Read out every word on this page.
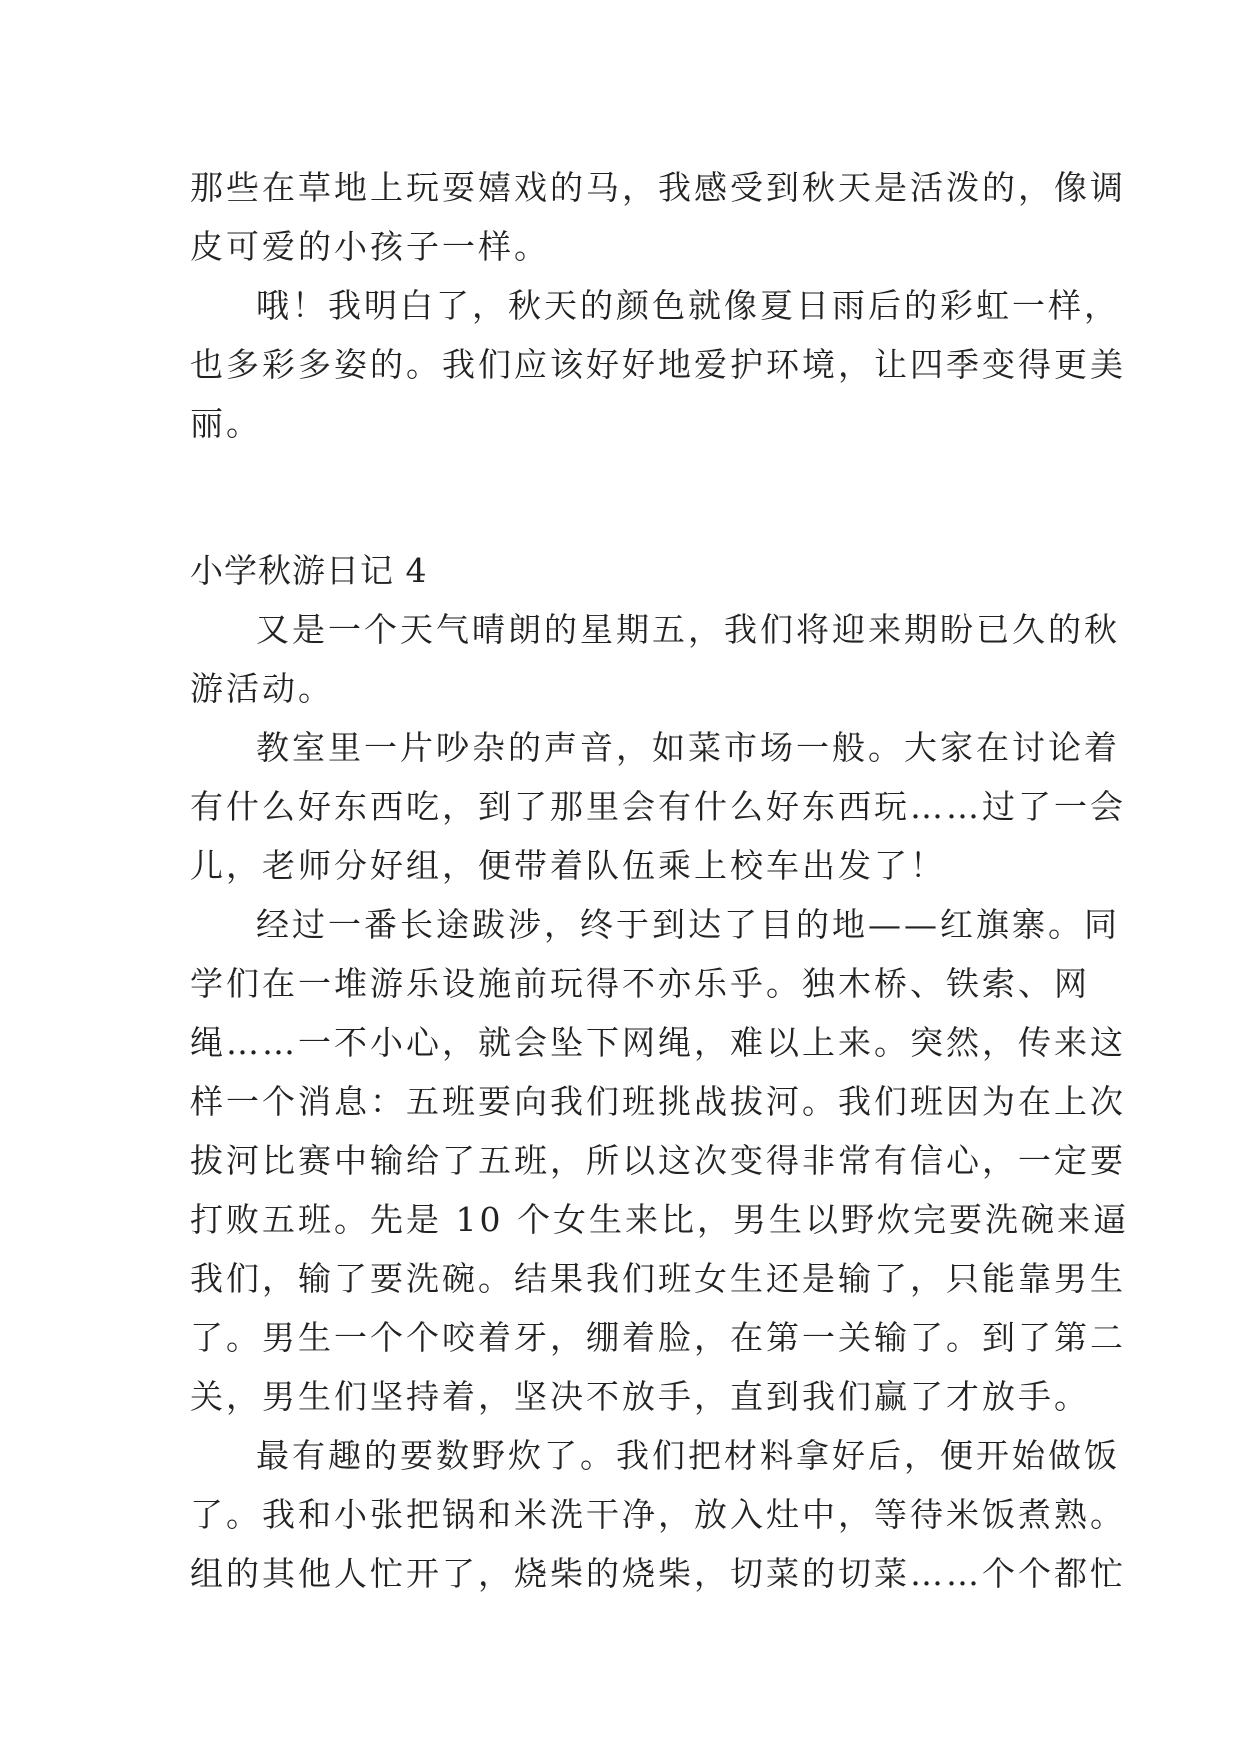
那些在草地上玩耍嬉戏的马，我感受到秋天是活泼的，像调
皮可爱的小孩子一样。
哦！我明白了，秋天的颜色就像夏日雨后的彩虹一样，
也多彩多姿的。我们应该好好地爱护环境，让四季变得更美
丽。
小学秋游日记 4
又是一个天气晴朗的星期五，我们将迎来期盼已久的秋
游活动。
教室里一片吵杂的声音，如菜市场一般。大家在讨论着
有什么好东西吃，到了那里会有什么好东西玩……过了一会
儿，老师分好组，便带着队伍乘上校车出发了！
经过一番长途跋涉，终于到达了目的地——红旗寨。同
学们在一堆游乐设施前玩得不亦乐乎。独木桥、铁索、网
绳……一不小心，就会坠下网绳，难以上来。突然，传来这
样一个消息：五班要向我们班挑战拔河。我们班因为在上次
拔河比赛中输给了五班，所以这次变得非常有信心，一定要
打败五班。先是 10 个女生来比，男生以野炊完要洗碗来逼
我们，输了要洗碗。结果我们班女生还是输了，只能靠男生
了。男生一个个咬着牙，绷着脸，在第一关输了。到了第二
关，男生们坚持着，坚决不放手，直到我们赢了才放手。
最有趣的要数野炊了。我们把材料拿好后，便开始做饭
了。我和小张把锅和米洗干净，放入灶中，等待米饭煮熟。
组的其他人忙开了，烧柴的烧柴，切菜的切菜……个个都忙
